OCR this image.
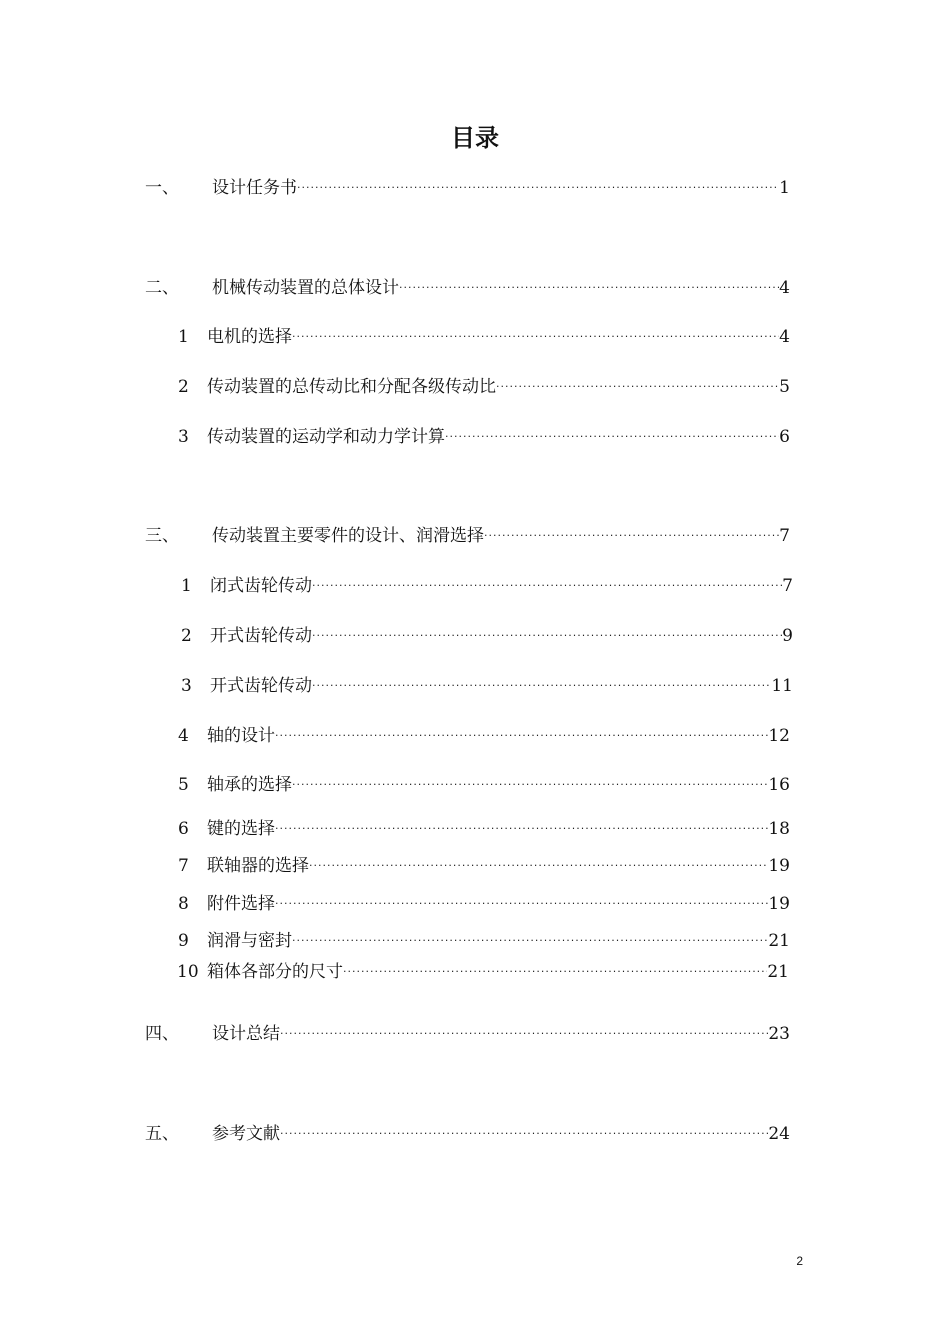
目录
一、 设计任务书 ·····	1
二、 机械传动装置的总体设计 ·····	4
1 电机的选择 ·····	4
2 传动装置的总传动比和分配各级传动比 ·····	5
3 传动装置的运动学和动力学计算 ·····	6
三、 传动装置主要零件的设计、润滑选择 ·····	7
1 闭式齿轮传动 ·····	7
2 开式齿轮传动 ·····	9
3 开式齿轮传动 ·····	11
4 轴的设计 ·····	12
5 轴承的选择 ·····	16
6 键的选择 ·····	18
7 联轴器的选择 ·····	19
8 附件选择 ·····	19
9 润滑与密封 ·····	21
10 箱体各部分的尺寸 ·····	21
四、 设计总结 ·····	23
五、 参考文献 ·····	24
2
